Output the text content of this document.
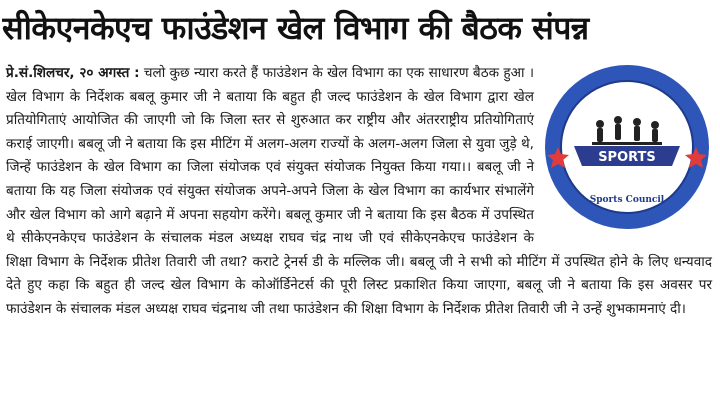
सीकेएनकेएच फाउंडेशन खेल विभाग की बैठक संपन्न
CKNKH Foundation
SPORTS
Sports Council
प्रे.सं.शिलचर, २० अगस्त : चलो कुछ न्यारा करते हैं फाउंडेशन के खेल विभाग का एक साधारण बैठक हुआ । खेल विभाग के निर्देशक बबलू कुमार जी ने बताया कि बहुत ही जल्द फाउंडेशन के खेल विभाग द्वारा खेल प्रतियोगिताएं आयोजित की जाएगी जो कि जिला स्तर से शुरुआत कर राष्ट्रीय और अंतरराष्ट्रीय प्रतियोगिताएं कराई जाएगी। बबलू जी ने बताया कि इस मीटिंग में अलग-अलग राज्यों के अलग-अलग जिला से युवा जुड़े थे, जिन्हें फाउंडेशन के खेल विभाग का जिला संयोजक एवं संयुक्त संयोजक नियुक्त किया गया।। बबलू जी ने बताया कि यह जिला संयोजक एवं संयुक्त संयोजक अपने-अपने जिला के खेल विभाग का कार्यभार संभालेंगे और खेल विभाग को आगे बढ़ाने में अपना सहयोग करेंगे। बबलू कुमार जी ने बताया कि इस बैठक में उपस्थित थे सीकेएनकेएच फाउंडेशन के संचालक मंडल अध्यक्ष राघव चंद्र नाथ जी एवं सीकेएनकेएच फाउंडेशन के शिक्षा विभाग के निर्देशक प्रीतेश तिवारी जी तथा? कराटे ट्रेनर्स डी के मल्लिक जी। बबलू जी ने सभी को मीटिंग में उपस्थित होने के लिए धन्यवाद देते हुए कहा कि बहुत ही जल्द खेल विभाग के कोऑर्डिनेटर्स की पूरी लिस्ट प्रकाशित किया जाएगा, बबलू जी ने बताया कि इस अवसर पर फाउंडेशन के संचालक मंडल अध्यक्ष राघव चंद्रनाथ जी तथा फाउंडेशन की शिक्षा विभाग के निर्देशक प्रीतेश तिवारी जी ने उन्हें शुभकामनाएं दी।
